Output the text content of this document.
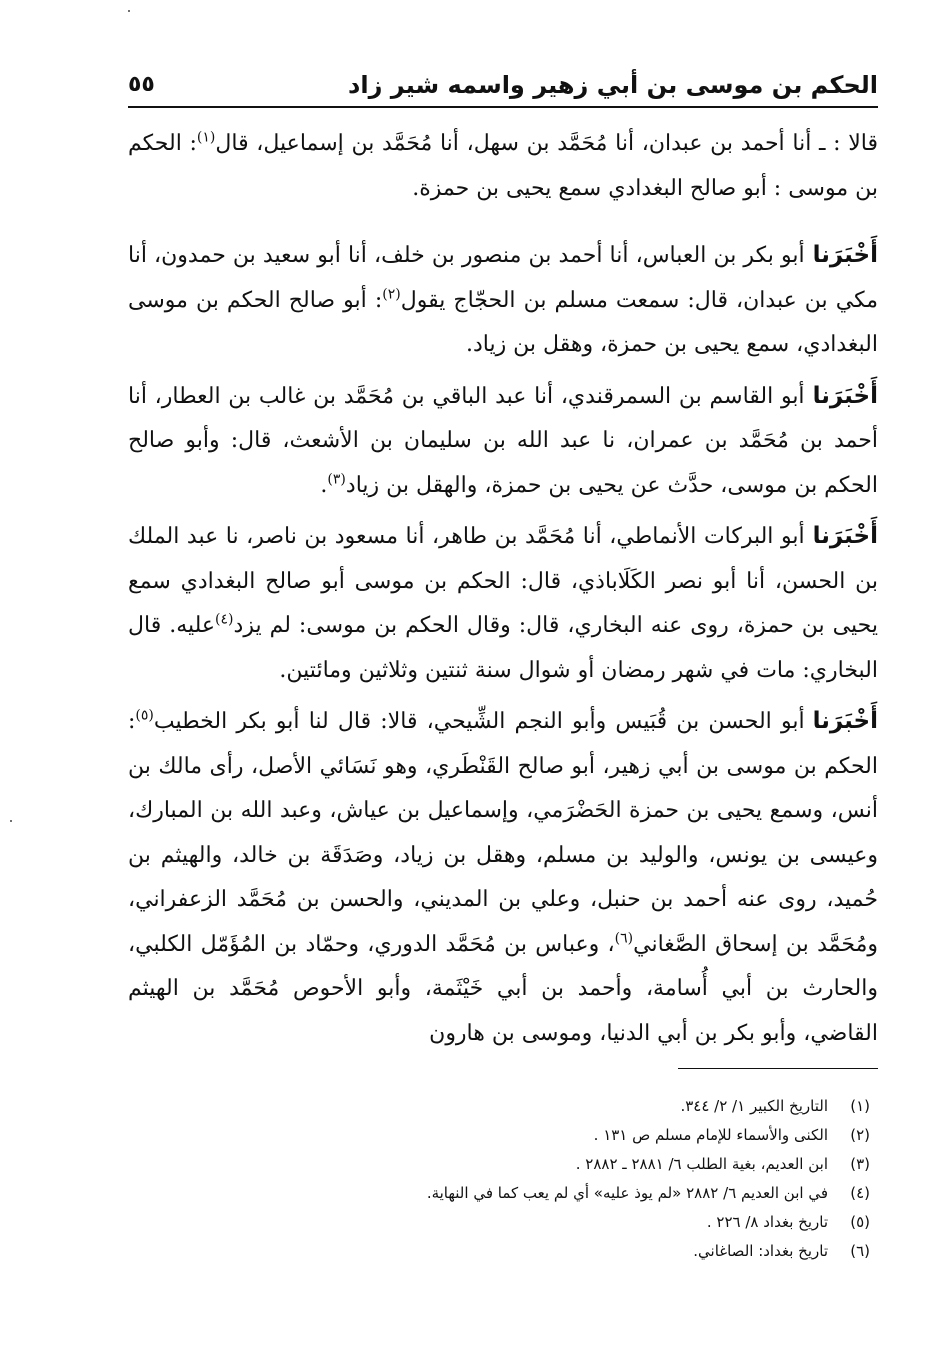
الحكم بن موسى بن أبي زهير واسمه شير زاد
٥٥

قالا : ـ أنا أحمد بن عبدان، أنا مُحَمَّد بن سهل، أنا مُحَمَّد بن إسماعيل، قال$^{(١)}$: الحكم بن موسى : أبو صالح البغدادي سمع يحيى بن حمزة.

أَخْبَرَناأبو بكر بن العباس، أنا أحمد بن منصور بن خلف، أنا أبو سعيد بن حمدون، أنا مكي بن عبدان، قال: سمعت مسلم بن الحجّاج يقول$^{(٢)}$: أبو صالح الحكم بن موسى البغدادي، سمع يحيى بن حمزة، وهقل بن زياد.

أَخْبَرَناأبو القاسم بن السمرقندي، أنا عبد الباقي بن مُحَمَّد بن غالب بن العطار، أنا أحمد بن مُحَمَّد بن عمران، نا عبد الله بن سليمان بن الأشعث، قال: وأبو صالح الحكم بن موسى، حدَّث عن يحيى بن حمزة، والهقل بن زياد$^{(٣)}$.

أَخْبَرَناأبو البركات الأنماطي، أنا مُحَمَّد بن طاهر، أنا مسعود بن ناصر، نا عبد الملك بن الحسن، أنا أبو نصر الكَلَاباذي، قال: الحكم بن موسى أبو صالح البغدادي سمع يحيى بن حمزة، روى عنه البخاري، قال: وقال الحكم بن موسى: لم يزد$^{(٤)}$عليه. قال البخاري: مات في شهر رمضان أو شوال سنة ثنتين وثلاثين ومائتين.

أَخْبَرَناأبو الحسن بن قُبَيس وأبو النجم الشِّيحي، قالا: قال لنا أبو بكر الخطيب$^{(٥)}$: الحكم بن موسى بن أبي زهير، أبو صالح القَنْطَري، وهو نَسَائي الأصل، رأى مالك بن أنس، وسمع يحيى بن حمزة الحَضْرَمي، وإسماعيل بن عياش، وعبد الله بن المبارك، وعيسى بن يونس، والوليد بن مسلم، وهقل بن زياد، وصَدَقَة بن خالد، والهيثم بن حُميد، روى عنه أحمد بن حنبل، وعلي بن المديني، والحسن بن مُحَمَّد الزعفراني، ومُحَمَّد بن إسحاق الصَّغاني$^{(٦)}$، وعباس بن مُحَمَّد الدوري، وحمّاد بن المُؤَمّل الكلبي، والحارث بن أبي أُسامة، وأحمد بن أبي خَيْثَمة، وأبو الأحوص مُحَمَّد بن الهيثم القاضي، وأبو بكر بن أبي الدنيا، وموسى بن هارون

(١)
التاريخ الكبير ١/ ٢/ ٣٤٤.
(٢)
الكنى والأسماء للإمام مسلم ص ١٣١ .
(٣)
ابن العديم، بغية الطلب ٦/ ٢٨٨١ ـ ٢٨٨٢ .
(٤)
في ابن العديم ٦/ ٢٨٨٢ «لم يوذ عليه» أي لم يعب كما في النهاية.
(٥)
تاريخ بغداد ٨/ ٢٢٦ .
(٦)
تاريخ بغداد: الصاغاني.
